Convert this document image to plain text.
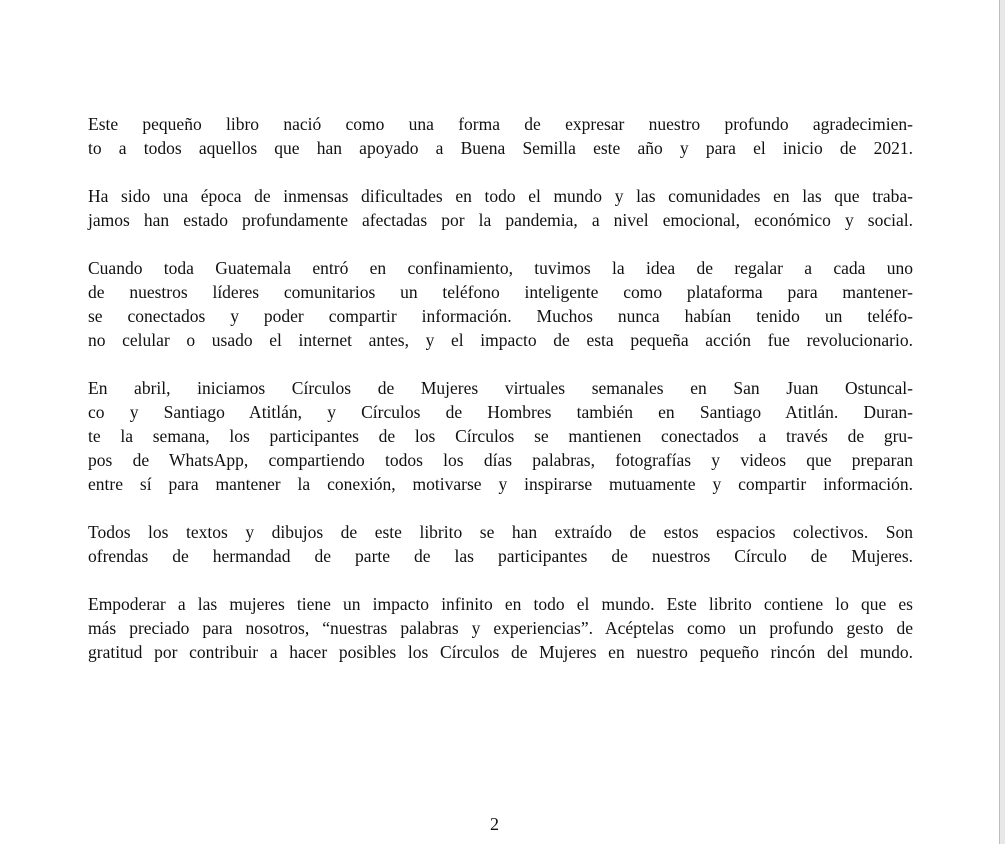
Este pequeño libro nació como una forma de expresar nuestro profundo agradecimien-
to a todos aquellos que han apoyado a Buena Semilla este año y para el inicio de 2021.
Ha sido una época de inmensas dificultades en todo el mundo y las comunidades en las que traba-
jamos han estado profundamente afectadas por la pandemia, a nivel emocional, económico y social.
Cuando toda Guatemala entró en confinamiento, tuvimos la idea de regalar a cada uno
de nuestros líderes comunitarios un teléfono inteligente como plataforma para mantener-
se conectados y poder compartir información. Muchos nunca habían tenido un teléfo-
no celular o usado el internet antes, y el impacto de esta pequeña acción fue revolucionario.
En abril, iniciamos Círculos de Mujeres virtuales semanales en San Juan Ostuncal-
co y Santiago Atitlán, y Círculos de Hombres también en Santiago Atitlán. Duran-
te la semana, los participantes de los Círculos se mantienen conectados a través de gru-
pos de WhatsApp, compartiendo todos los días palabras, fotografías y videos que preparan
entre sí para mantener la conexión, motivarse y inspirarse mutuamente y compartir información.
Todos los textos y dibujos de este librito se han extraído de estos espacios colectivos. Son
ofrendas de hermandad de parte de las participantes de nuestros Círculo de Mujeres.
Empoderar a las mujeres tiene un impacto infinito en todo el mundo. Este librito contiene lo que es
más preciado para nosotros, “nuestras palabras y experiencias”. Acéptelas como un profundo gesto de
gratitud por contribuir a hacer posibles los Círculos de Mujeres en nuestro pequeño rincón del mundo.
2
